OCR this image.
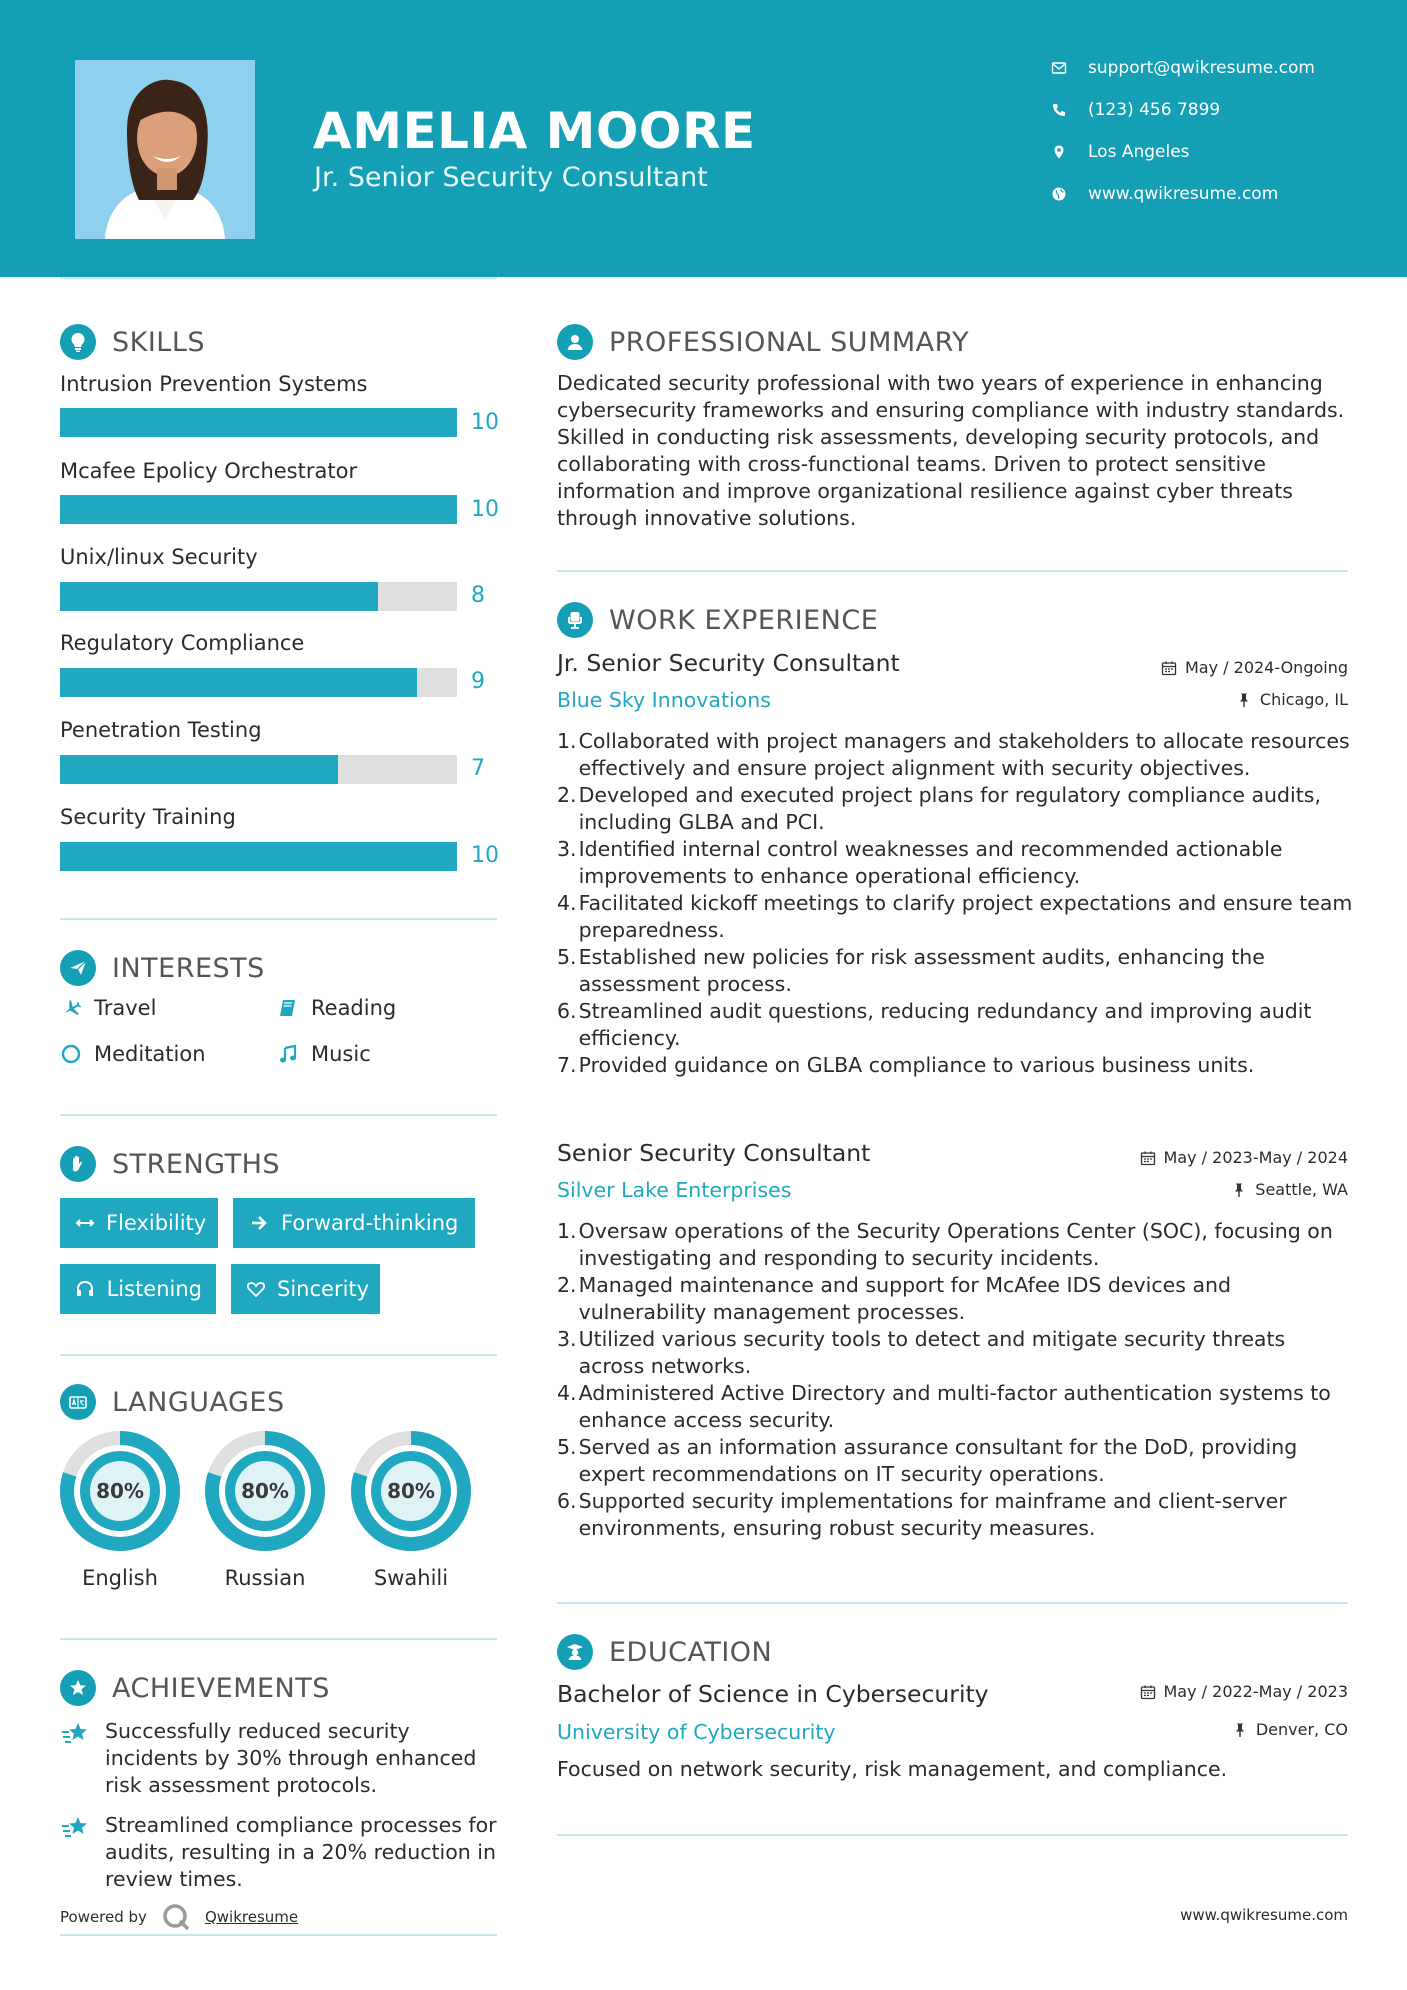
AMELIA MOORE
Jr. Senior Security Consultant
support@qwikresume.com
(123) 456 7899
Los Angeles
www.qwikresume.com
SKILLS
Intrusion Prevention Systems
10
Mcafee Epolicy Orchestrator
10
Unix/linux Security
8
Regulatory Compliance
9
Penetration Testing
7
Security Training
10
INTERESTS
Travel	Reading
Meditation	Music
STRENGTHS
Flexibility	Forward-thinking
Listening	Sincerity
LANGUAGES
80%
English
80%
Russian
80%
Swahili
ACHIEVEMENTS
Successfully reduced security incidents by 30% through enhanced risk assessment protocols.
Streamlined compliance processes for audits, resulting in a 20% reduction in review times.
Powered by	Qwikresume
PROFESSIONAL SUMMARY
Dedicated security professional with two years of experience in enhancing cybersecurity frameworks and ensuring compliance with industry standards. Skilled in conducting risk assessments, developing security protocols, and collaborating with cross-functional teams. Driven to protect sensitive information and improve organizational resilience against cyber threats through innovative solutions.
WORK EXPERIENCE
Jr. Senior Security Consultant	May / 2024-Ongoing
Blue Sky Innovations	Chicago, IL
1. Collaborated with project managers and stakeholders to allocate resources effectively and ensure project alignment with security objectives.
2. Developed and executed project plans for regulatory compliance audits, including GLBA and PCI.
3. Identified internal control weaknesses and recommended actionable improvements to enhance operational efficiency.
4. Facilitated kickoff meetings to clarify project expectations and ensure team preparedness.
5. Established new policies for risk assessment audits, enhancing the assessment process.
6. Streamlined audit questions, reducing redundancy and improving audit efficiency.
7. Provided guidance on GLBA compliance to various business units.
Senior Security Consultant	May / 2023-May / 2024
Silver Lake Enterprises	Seattle, WA
1. Oversaw operations of the Security Operations Center (SOC), focusing on investigating and responding to security incidents.
2. Managed maintenance and support for McAfee IDS devices and vulnerability management processes.
3. Utilized various security tools to detect and mitigate security threats across networks.
4. Administered Active Directory and multi-factor authentication systems to enhance access security.
5. Served as an information assurance consultant for the DoD, providing expert recommendations on IT security operations.
6. Supported security implementations for mainframe and client-server environments, ensuring robust security measures.
EDUCATION
Bachelor of Science in Cybersecurity	May / 2022-May / 2023
University of Cybersecurity	Denver, CO
Focused on network security, risk management, and compliance.
www.qwikresume.com
